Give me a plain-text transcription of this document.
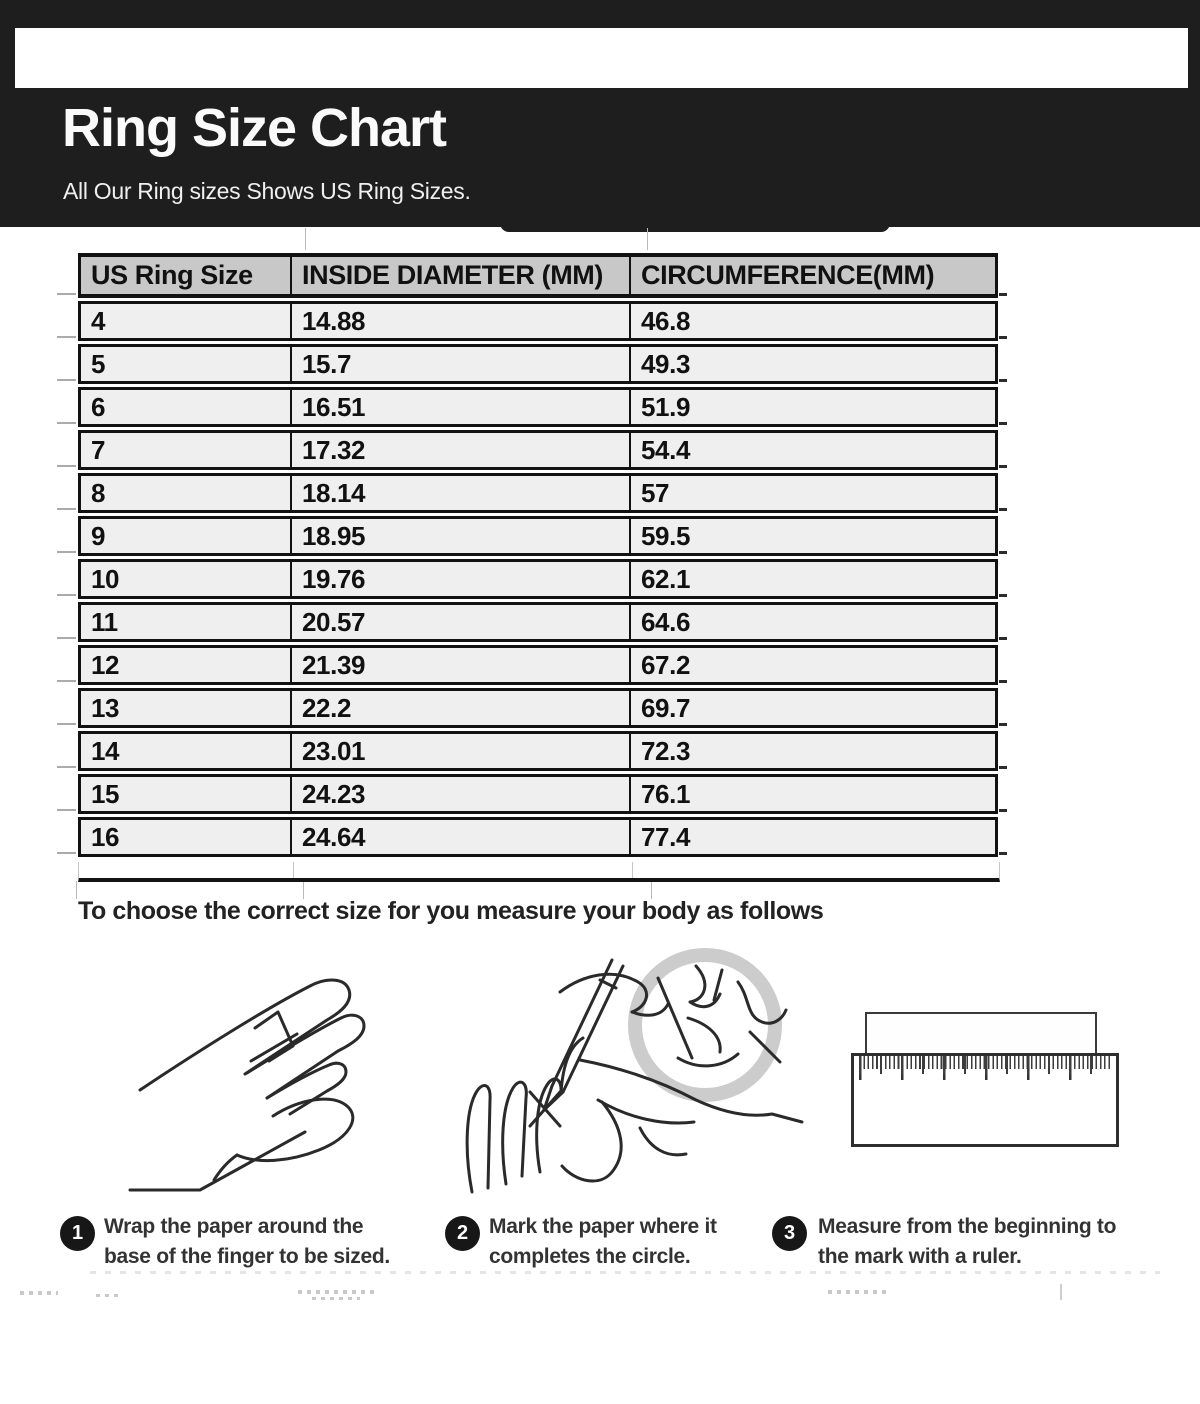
Ring Size Chart
All Our Ring sizes Shows US Ring Sizes.
US Ring Size	INSIDE DIAMETER (MM)	CIRCUMFERENCE(MM)
4	14.88	46.8
5	15.7	49.3
6	16.51	51.9
7	17.32	54.4
8	18.14	57
9	18.95	59.5
10	19.76	62.1
11	20.57	64.6
12	21.39	67.2
13	22.2	69.7
14	23.01	72.3
15	24.23	76.1
16	24.64	77.4
To choose the correct size for you measure your body as follows
1 Wrap the paper around the
base of the finger to be sized.
2 Mark the paper where it
completes the circle.
3	Measure from the beginning to
the mark with a ruler.
